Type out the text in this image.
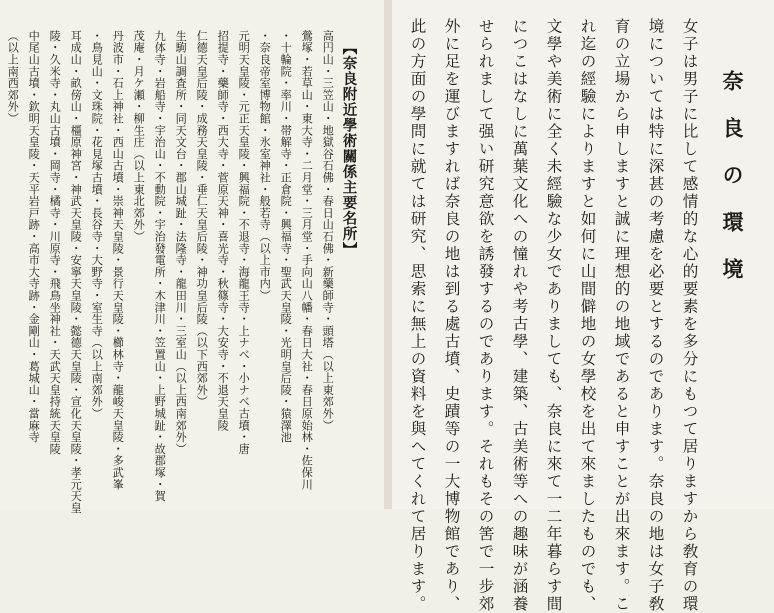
奈良の環境
女子は男子に比して感情的な心的要素を多分にもつて居りますから敎育の環
境については特に深甚の考慮を必要とするのであります。奈良の地は女子敎
育の立場から申しますと誠に理想的の地域であると申すことが出來ます。こ
れ迄の經驗によりますと如何に山間僻地の女學校を出て來ましたものでも、
文學や美術に全く未經驗な少女でありましても、奈良に來て一二年暮らす間
につこはなしに萬葉文化への憧れや考古學、建築、古美術等への趣味が涵養
せられまして强い研究意欲を誘發するのであります。それもその筈で一步郊
外に足を運びますれば奈良の地は到る處古墳、史蹟等の一大博物館であり、
此の方面の學問に就ては研究、思索に無上の資料を與へてくれて居ります。
【 奈良附近學術關係主要名所 】
高円山・三笠山・地獄谷石佛・春日山石佛・新藥師寺・頭塔（以上東郊外）
鶯塚・若草山・東大寺・二月堂・三月堂・手向山八幡・春日大社・春日原始林・佐保川
・十輪院・率川・帯解寺・正倉院・興福寺・聖武天皇陵・光明皇后陵・猿澤池
・奈良帝室博物館・氷室神社・般若寺（以上市内）
元明天皇陵・元正天皇陵・興福院・不退寺・海龍王寺・上ナベ・小ナベ古墳・唐
招提寺・藥師寺・西大寺・菅原天神・喜光寺・秋篠寺・大安寺・不退天皇陵
仁德天皇后陵・成務天皇陵・垂仁天皇后陵・神功皇后陵（以下西郊外）
生駒山調査所・同天文台・郡山城趾・法隆寺・龍田川・三室山（以上西南郊外）
九体寺・岩船寺・宇治山・不動院・宇治發電所・木津川・笠置山・上野城趾・故郡塚・賀
茂庵・月ケ瀬・柳生庄（以上東北郊外）
丹波市・石上神社・西山古墳・崇神天皇陵・景行天皇陵・櫛林寺・龍峻天皇陵・多武峯
・鳥見山・文珠院・花見塚古墳・長谷寺・大野寺・室生寺（以上南郊外）
耳成山・畝傍山・橿原神宮・神武天皇陵・安寧天皇陵・懿德天皇陵・宣化天皇陵・孝元天皇
陵・久米寺・丸山古墳・岡寺・橘寺・川原寺・飛鳥坐神社・天武天皇持統天皇陵
中尾山古墳・欽明天皇陵・天平岩戸跡・高市大寺跡・金剛山・葛城山・當麻寺
（以上南西郊外）
